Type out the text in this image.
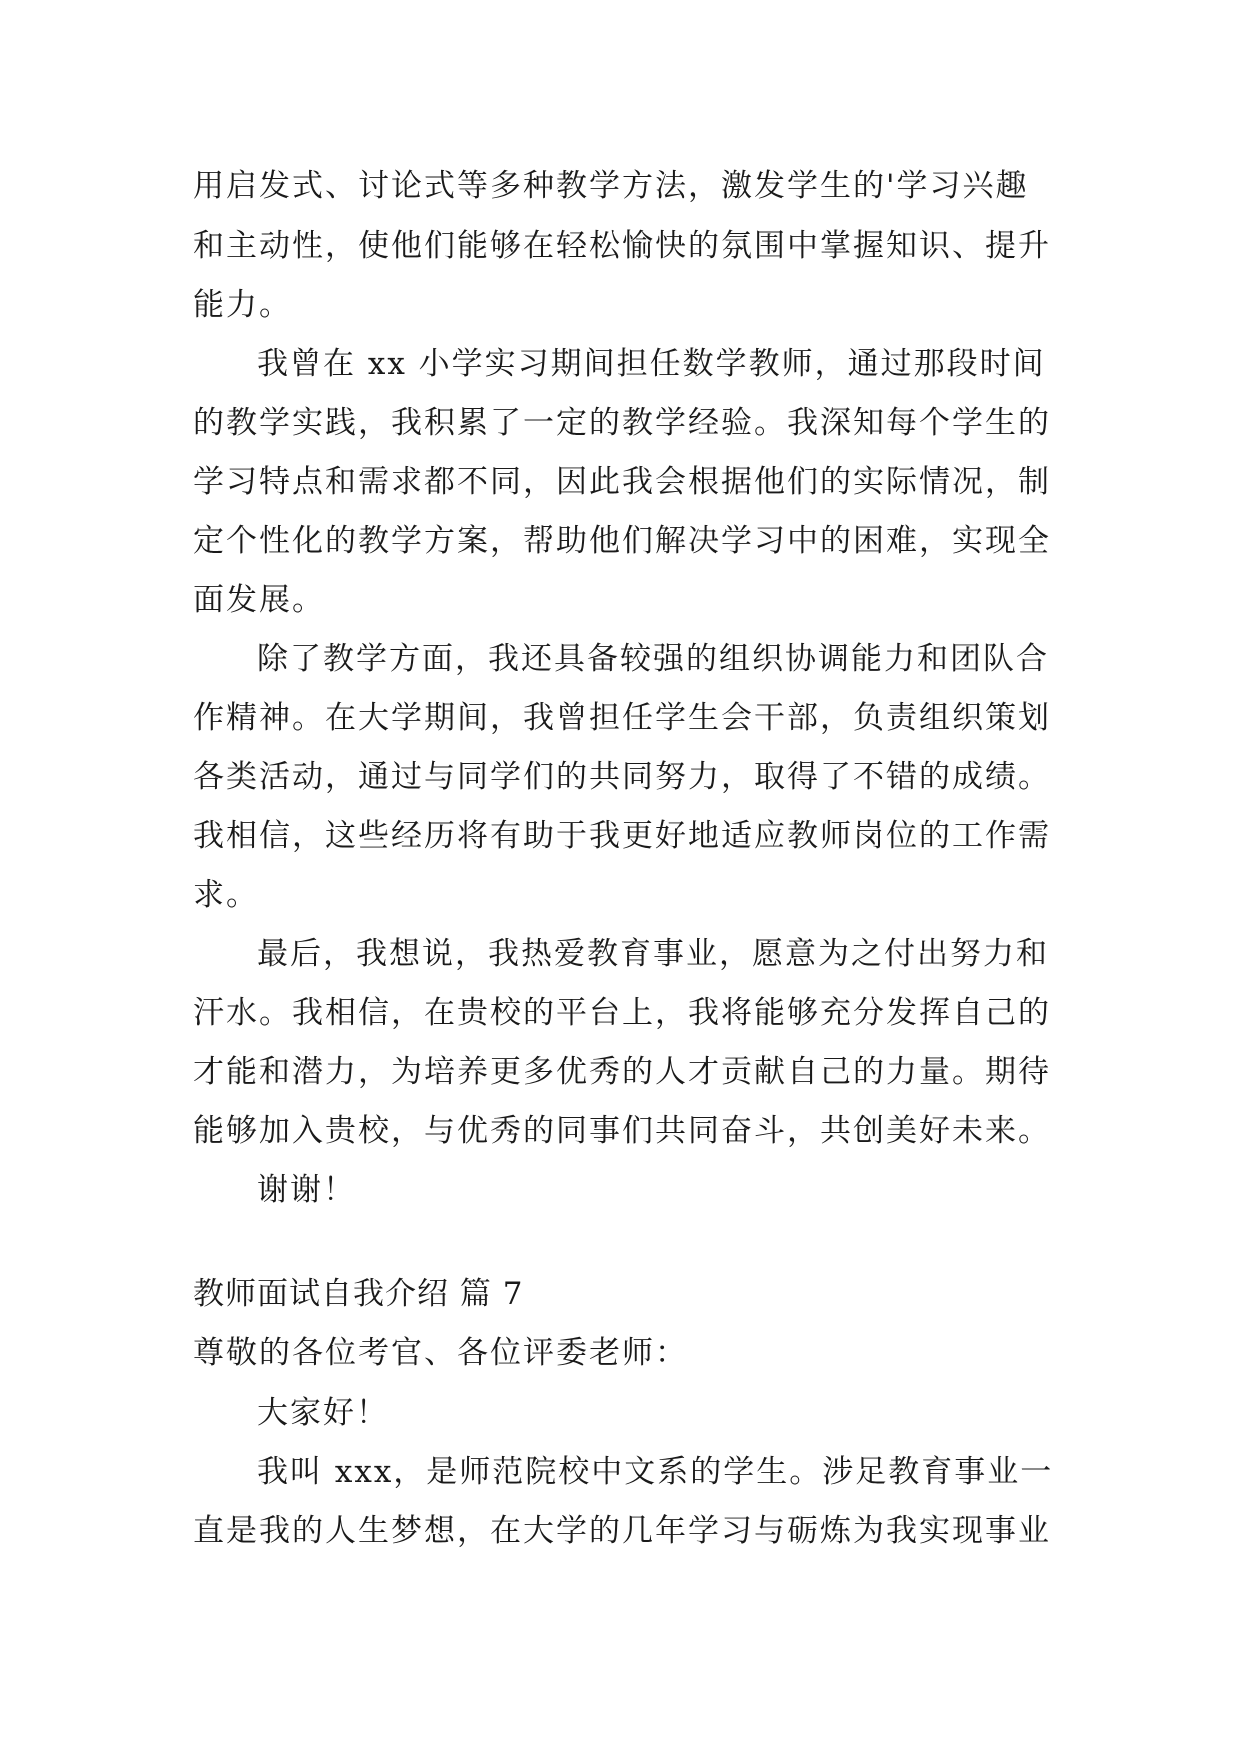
用启发式、讨论式等多种教学方法，激发学生的'学习兴趣
和主动性，使他们能够在轻松愉快的氛围中掌握知识、提升
能力。
我曾在 xx 小学实习期间担任数学教师，通过那段时间
的教学实践，我积累了一定的教学经验。我深知每个学生的
学习特点和需求都不同，因此我会根据他们的实际情况，制
定个性化的教学方案，帮助他们解决学习中的困难，实现全
面发展。
除了教学方面，我还具备较强的组织协调能力和团队合
作精神。在大学期间，我曾担任学生会干部，负责组织策划
各类活动，通过与同学们的共同努力，取得了不错的成绩。
我相信，这些经历将有助于我更好地适应教师岗位的工作需
求。
最后，我想说，我热爱教育事业，愿意为之付出努力和
汗水。我相信，在贵校的平台上，我将能够充分发挥自己的
才能和潜力，为培养更多优秀的人才贡献自己的力量。期待
能够加入贵校，与优秀的同事们共同奋斗，共创美好未来。
谢谢！
教师面试自我介绍 篇 7
尊敬的各位考官、各位评委老师：
大家好！
我叫 xxx，是师范院校中文系的学生。涉足教育事业一
直是我的人生梦想，在大学的几年学习与砺炼为我实现事业
